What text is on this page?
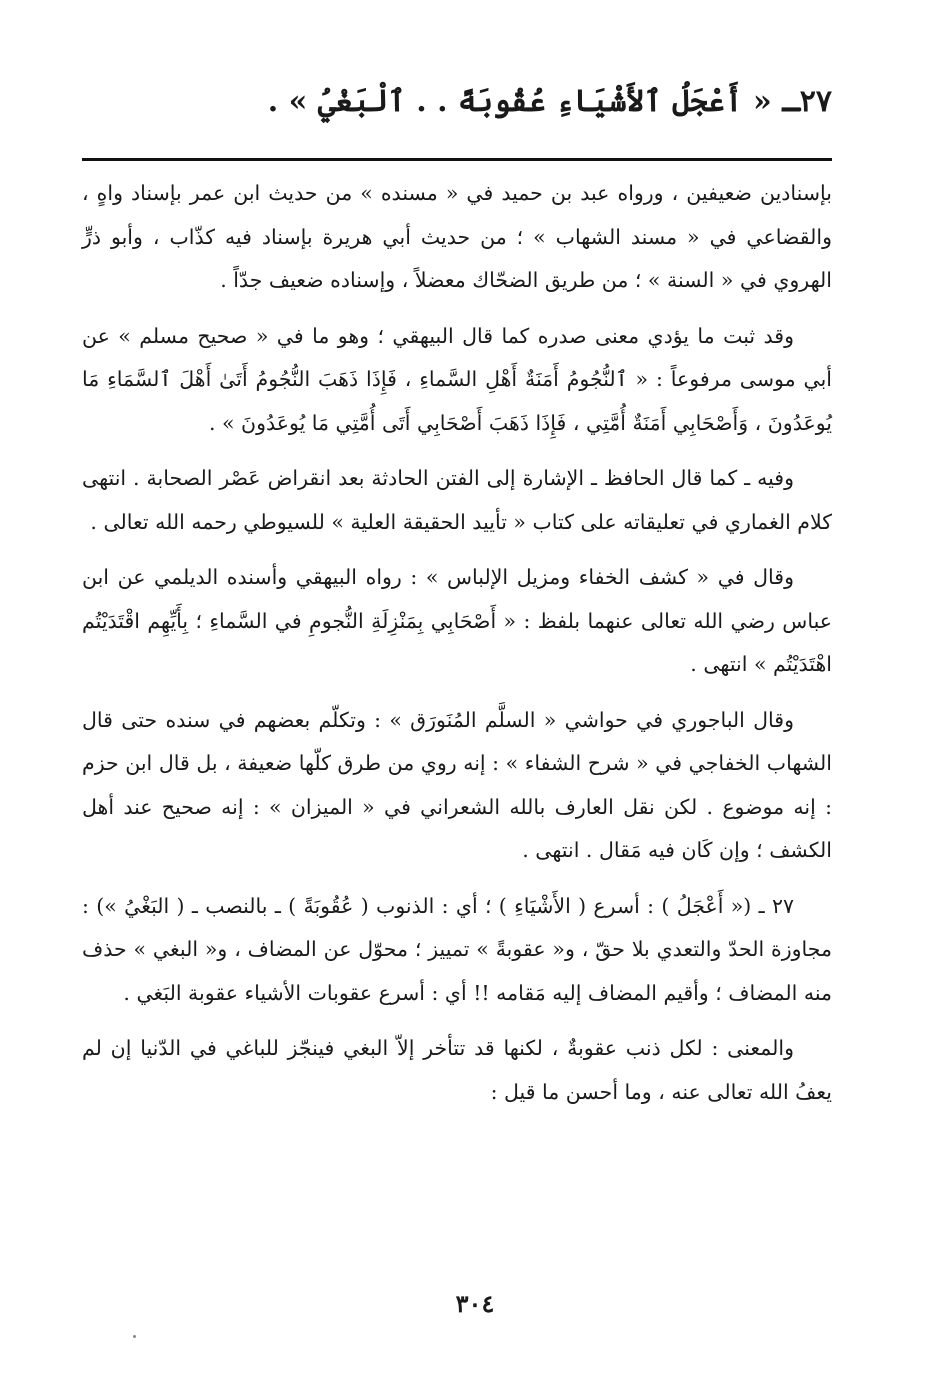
٢٧ـ « أَعْجَلُ ٱلأَشْيَاءِ عُقُوبَةً . . ٱلْبَغْيُ » .

بإسنادين ضعيفين ، ورواه عبد بن حميد في « مسنده » من حديث ابن عمر بإسناد واهٍ ، والقضاعي في « مسند الشهاب » ؛ من حديث أبي هريرة بإسناد فيه كذّاب ، وأبو ذرٍّ الهروي في « السنة » ؛ من طريق الضحّاك معضلاً ، وإسناده ضعيف جدّاً .

وقد ثبت ما يؤدي معنى صدره كما قال البيهقي ؛ وهو ما في « صحيح مسلم » عن أبي موسى مرفوعاً : « ٱلنُّجُومُ أَمَنَةٌ أَهْلِ السَّماءِ ، فَإِذَا ذَهَبَ النُّجُومُ أَتَىٰ أَهْلَ ٱلسَّمَاءِ مَا يُوعَدُونَ ، وَأَصْحَابِي أَمَنَةٌ أُمَّتِي ، فَإِذَا ذَهَبَ أَصْحَابِي أَتَى أُمَّتِي مَا يُوعَدُونَ » .

وفيه ـ كما قال الحافظ ـ الإشارة إلى الفتن الحادثة بعد انقراض عَصْر الصحابة . انتهى كلام الغماري في تعليقاته على كتاب « تأييد الحقيقة العلية » للسيوطي رحمه الله تعالى .

وقال في « كشف الخفاء ومزيل الإلباس » : رواه البيهقي وأسنده الديلمي عن ابن عباس رضي الله تعالى عنهما بلفظ : « أَصْحَابِي بِمَنْزِلَةِ النُّجومِ في السَّماءِ ؛ بِأَيِّهِم اقْتَدَيْتُم اهْتَدَيْتُم » انتهى .

وقال الباجوري في حواشي « السلَّم المُنَورَق » : وتكلّم بعضهم في سنده حتى قال الشهاب الخفاجي في « شرح الشفاء » : إنه روي من طرق كلّها ضعيفة ، بل قال ابن حزم : إنه موضوع . لكن نقل العارف بالله الشعراني في « الميزان » : إنه صحيح عند أهل الكشف ؛ وإن كَان فيه مَقال . انتهى .

٢٧ ـ (« أَعْجَلُ ) : أسرع ( الأَشْيَاءِ ) ؛ أي : الذنوب ( عُقُوبَةً ) ـ بالنصب ـ ( البَغْيُ ») : مجاوزة الحدّ والتعدي بلا حقّ ، و« عقوبةً » تمييز ؛ محوّل عن المضاف ، و« البغي » حذف منه المضاف ؛ وأقيم المضاف إليه مَقامه !! أي : أسرع عقوبات الأشياء عقوبة البَغي .

والمعنى : لكل ذنب عقوبةٌ ، لكنها قد تتأخر إلاّ البغي فينجّز للباغي في الدّنيا إن لم يعفُ الله تعالى عنه ، وما أحسن ما قيل :

٣٠٤
